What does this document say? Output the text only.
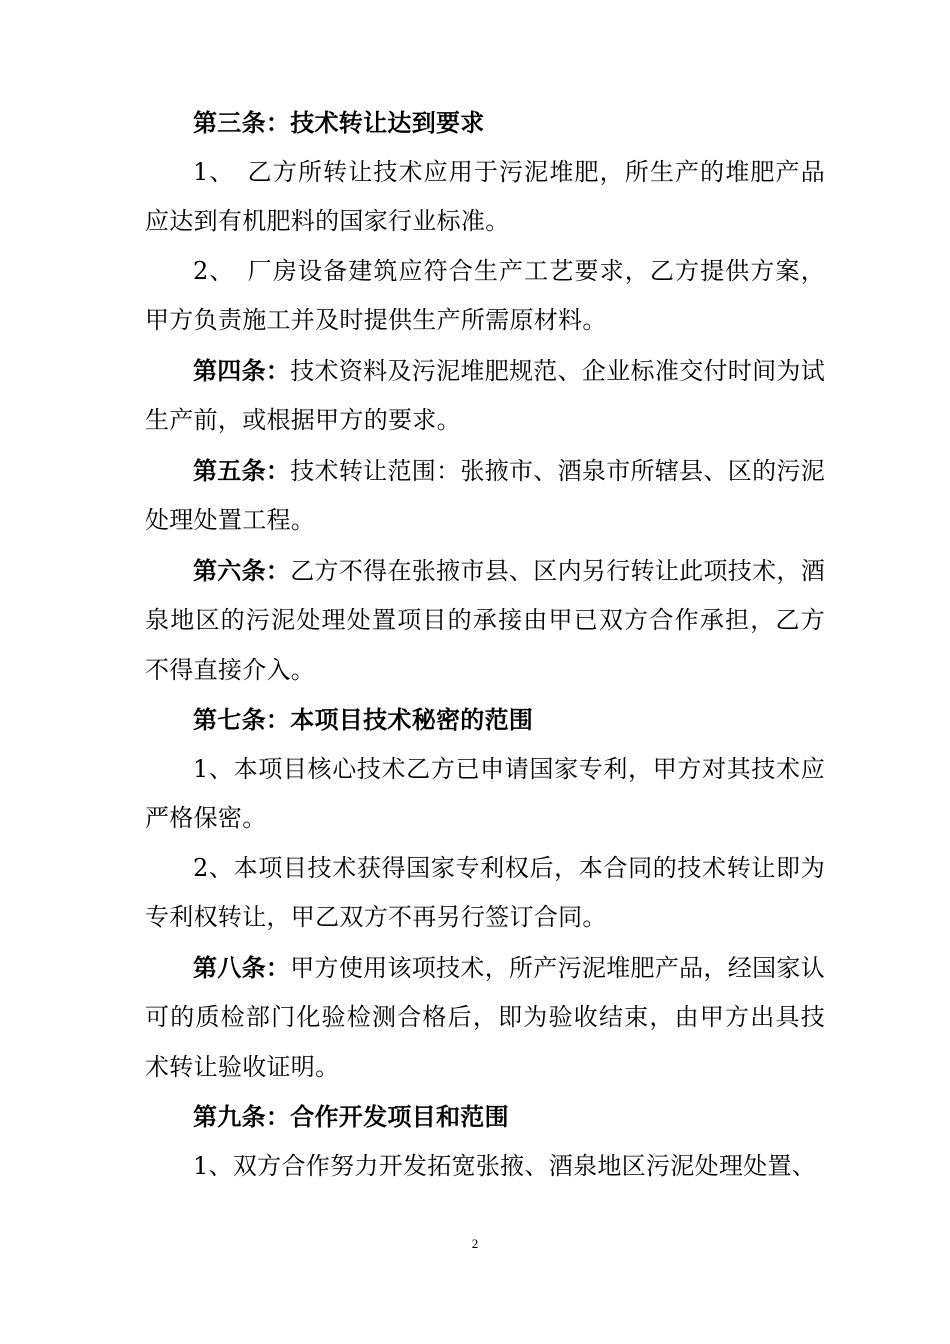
第三条：技术转让达到要求

1、　乙方所转让技术应用于污泥堆肥，所生产的堆肥产品应达到有机肥料的国家行业标准。

2、　厂房设备建筑应符合生产工艺要求，乙方提供方案，甲方负责施工并及时提供生产所需原材料。

第四条：技术资料及污泥堆肥规范、企业标准交付时间为试生产前，或根据甲方的要求。

第五条：技术转让范围：张掖市、酒泉市所辖县、区的污泥处理处置工程。

第六条：乙方不得在张掖市县、区内另行转让此项技术，酒泉地区的污泥处理处置项目的承接由甲已双方合作承担，乙方不得直接介入。

第七条：本项目技术秘密的范围

1、本项目核心技术乙方已申请国家专利，甲方对其技术应严格保密。

2、本项目技术获得国家专利权后，本合同的技术转让即为专利权转让，甲乙双方不再另行签订合同。

第八条：甲方使用该项技术，所产污泥堆肥产品，经国家认可的质检部门化验检测合格后，即为验收结束，由甲方出具技术转让验收证明。

第九条：合作开发项目和范围

1、双方合作努力开发拓宽张掖、酒泉地区污泥处理处置、

2
